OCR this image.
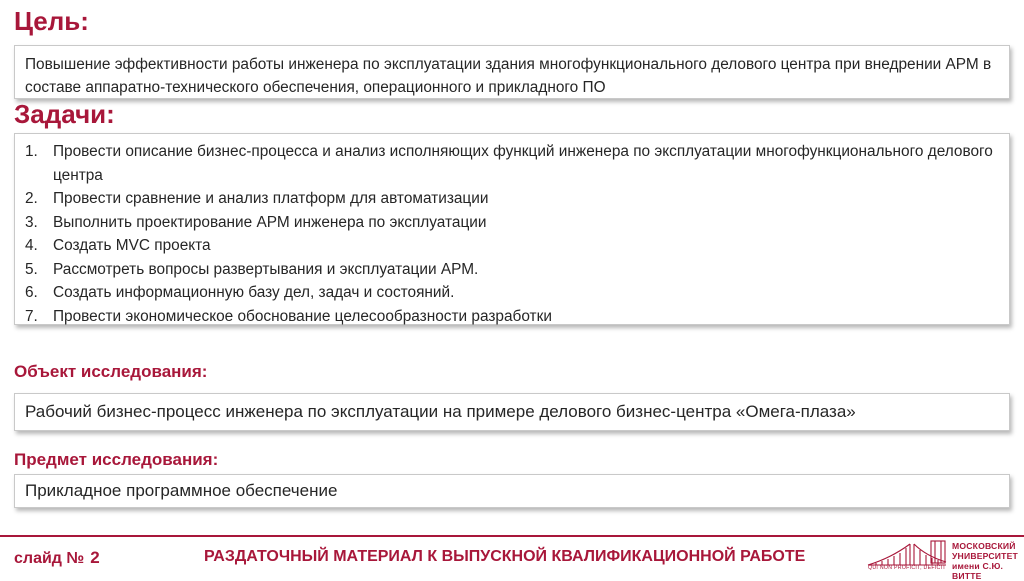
Цель:
Повышение эффективности работы инженера по эксплуатации здания многофункционального делового центра при внедрении АРМ в составе аппаратно-технического обеспечения, операционного и прикладного ПО
Задачи:
1. Провести описание бизнес-процесса и анализ исполняющих функций инженера по эксплуатации многофункционального делового центра
2. Провести сравнение и анализ платформ для автоматизации
3. Выполнить проектирование АРМ инженера по эксплуатации
4. Создать MVC проекта
5. Рассмотреть вопросы развертывания и эксплуатации АРМ.
6. Создать информационную базу дел, задач и состояний.
7. Провести экономическое обоснование целесообразности разработки
Объект исследования:
Рабочий бизнес-процесс инженера по эксплуатации на примере делового бизнес-центра «Омега-плаза»
Предмет исследования:
Прикладное программное обеспечение
слайд № 2	РАЗДАТОЧНЫЙ МАТЕРИАЛ К ВЫПУСКНОЙ КВАЛИФИКАЦИОННОЙ РАБОТЕ
МОСКОВСКИЙ
УНИВЕРСИТЕТ
имени С.Ю. ВИТТЕ
QUI NON PROFICIT, DEFICIT
